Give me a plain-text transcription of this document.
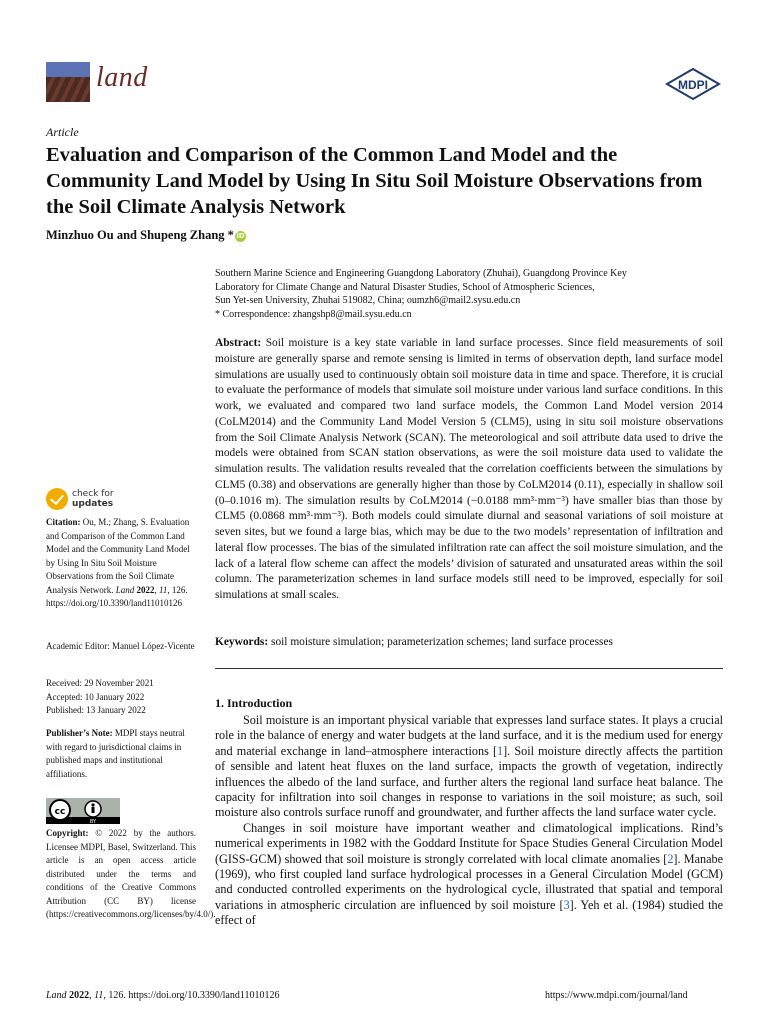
land	MDPI
Article
Evaluation and Comparison of the Common Land Model and the Community Land Model by Using In Situ Soil Moisture Observations from the Soil Climate Analysis Network
Minzhuo Ou and Shupeng Zhang * iD
Southern Marine Science and Engineering Guangdong Laboratory (Zhuhai), Guangdong Province Key
Laboratory for Climate Change and Natural Disaster Studies, School of Atmospheric Sciences,
Sun Yet-sen University, Zhuhai 519082, China; oumzh6@mail2.sysu.edu.cn
* Correspondence: zhangshp8@mail.sysu.edu.cn
Abstract: Soil moisture is a key state variable in land surface processes. Since field measurements of soil moisture are generally sparse and remote sensing is limited in terms of observation depth, land surface model simulations are usually used to continuously obtain soil moisture data in time and space. Therefore, it is crucial to evaluate the performance of models that simulate soil moisture under various land surface conditions. In this work, we evaluated and compared two land surface models, the Common Land Model version 2014 (CoLM2014) and the Community Land Model Version 5 (CLM5), using in situ soil moisture observations from the Soil Climate Analysis Network (SCAN). The meteorological and soil attribute data used to drive the models were obtained from SCAN station observations, as were the soil moisture data used to validate the simulation results. The validation results revealed that the correlation coefficients between the simulations by CLM5 (0.38) and observations are generally higher than those by CoLM2014 (0.11), especially in shallow soil (0–0.1016 m). The simulation results by CoLM2014 (−0.0188 mm³·mm⁻³) have smaller bias than those by CLM5 (0.0868 mm³·mm⁻³). Both models could simulate diurnal and seasonal variations of soil moisture at seven sites, but we found a large bias, which may be due to the two models’ representation of infiltration and lateral flow processes. The bias of the simulated infiltration rate can affect the soil moisture simulation, and the lack of a lateral flow scheme can affect the models’ division of saturated and unsaturated areas within the soil column. The parameterization schemes in land surface models still need to be improved, especially for soil simulations at small scales.
Keywords: soil moisture simulation; parameterization schemes; land surface processes
1. Introduction

Soil moisture is an important physical variable that expresses land surface states. It plays a crucial role in the balance of energy and water budgets at the land surface, and it is the medium used for energy and material exchange in land–atmosphere interactions [1]. Soil moisture directly affects the partition of sensible and latent heat fluxes on the land surface, impacts the growth of vegetation, indirectly influences the albedo of the land surface, and further alters the regional land surface heat balance. The capacity for infiltration into soil changes in response to variations in the soil moisture; as such, soil moisture also controls surface runoff and groundwater, and further affects the land surface water cycle.

Changes in soil moisture have important weather and climatological implications. Rind’s numerical experiments in 1982 with the Goddard Institute for Space Studies General Circulation Model (GISS-GCM) showed that soil moisture is strongly correlated with local climate anomalies [2]. Manabe (1969), who first coupled land surface hydrological processes in a General Circulation Model (GCM) and conducted controlled experiments on the hydrological cycle, illustrated that spatial and temporal variations in atmospheric circulation are influenced by soil moisture [3]. Yeh et al. (1984) studied the effect of

check for
updates
Citation: Ou, M.; Zhang, S. Evaluation and Comparison of the Common Land Model and the Community Land Model by Using In Situ Soil Moisture Observations from the Soil Climate Analysis Network. Land 2022, 11, 126. https://doi.org/10.3390/land11010126
Academic Editor: Manuel López-Vicente
Received: 29 November 2021
Accepted: 10 January 2022
Published: 13 January 2022
Publisher’s Note: MDPI stays neutral with regard to jurisdictional claims in published maps and institutional affiliations.
cc
BY
Copyright: © 2022 by the authors. Licensee MDPI, Basel, Switzerland. This article is an open access article distributed under the terms and conditions of the Creative Commons Attribution (CC BY) license (https://creativecommons.org/licenses/by/4.0/).
Land 2022, 11, 126. https://doi.org/10.3390/land11010126	https://www.mdpi.com/journal/land
